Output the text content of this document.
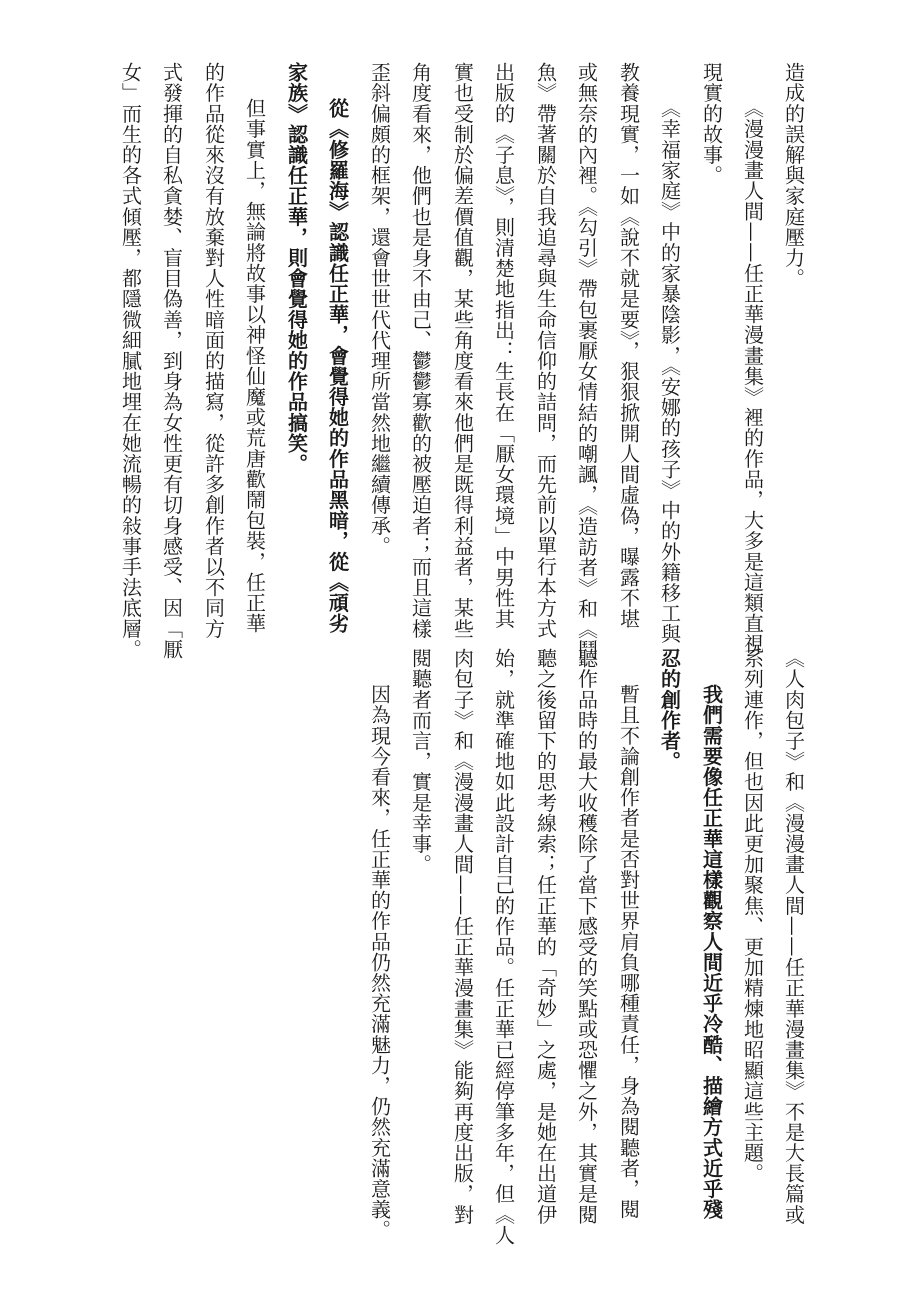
造成的誤解與家庭壓力。
《漫漫畫人間——任正華漫畫集》裡的作品，大多是這類直視
現實的故事。
《幸福家庭》中的家暴陰影，《安娜的孩子》中的外籍移工與
教養現實，一如《說不就是要》，狠狠掀開人間虛偽，曝露不堪
或無奈的內裡。《勾引》帶包裹厭女情結的嘲諷，《造訪者》和《鬥
魚》帶著關於自我追尋與生命信仰的詰問，而先前以單行本方式
出版的《子息》，則清楚地指出：生長在「厭女環境」中男性其
實也受制於偏差價值觀，某些角度看來他們是既得利益者，某些
角度看來，他們也是身不由己、鬱鬱寡歡的被壓迫者；而且這樣
歪斜偏頗的框架，還會世世代代理所當然地繼續傳承。
從《修羅海》認識任正華，會覺得她的作品黑暗，從《頑劣
家族》認識任正華，則會覺得她的作品搞笑。
但事實上，無論將故事以神怪仙魔或荒唐歡鬧包裝，任正華
的作品從來沒有放棄對人性暗面的描寫，從許多創作者以不同方
式發揮的自私貪婪、盲目偽善，到身為女性更有切身感受、因「厭
女」而生的各式傾壓，都隱微細膩地埋在她流暢的敍事手法底層。
《人肉包子》和《漫漫畫人間——任正華漫畫集》不是大長篇或
系列連作，但也因此更加聚焦、更加精煉地昭顯這些主題。
我們需要像任正華這樣觀察人間近乎冷酷、描繪方式近乎殘
忍的創作者。
暫且不論創作者是否對世界肩負哪種責任，身為閱聽者，閱
聽作品時的最大收穫除了當下感受的笑點或恐懼之外，其實是閱
聽之後留下的思考線索；任正華的「奇妙」之處，是她在出道伊
始，就準確地如此設計自己的作品。任正華已經停筆多年，但《人
肉包子》和《漫漫畫人間——任正華漫畫集》能夠再度出版，對
閱聽者而言，實是幸事。
因為現今看來，任正華的作品仍然充滿魅力，仍然充滿意義。
